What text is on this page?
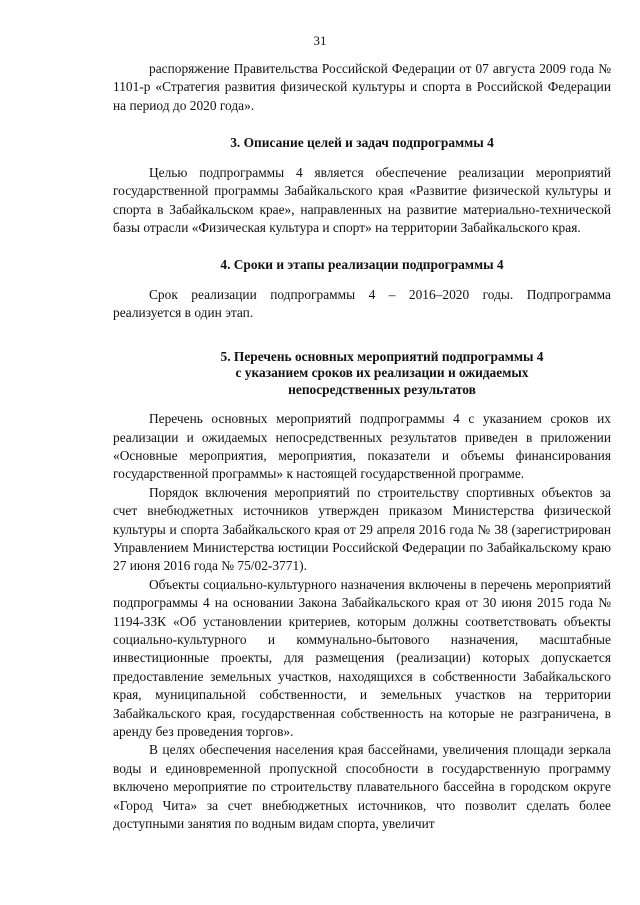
31

распоряжение Правительства Российской Федерации от 07 августа 2009 года № 1101-р «Стратегия развития физической культуры и спорта в Российской Федерации на период до 2020 года».

3. Описание целей и задач подпрограммы 4

Целью подпрограммы 4 является обеспечение реализации мероприятий государственной программы Забайкальского края «Развитие физической культуры и спорта в Забайкальском крае», направленных на развитие материально-технической базы отрасли «Физическая культура и спорт» на территории Забайкальского края.

4. Сроки и этапы реализации подпрограммы 4

Срок реализации подпрограммы 4 – 2016–2020 годы. Подпрограмма реализуется в один этап.

5. Перечень основных мероприятий подпрограммы 4

с указанием сроков их реализации и ожидаемых

непосредственных результатов

Перечень основных мероприятий подпрограммы 4 с указанием сроков их реализации и ожидаемых непосредственных результатов приведен в приложении «Основные мероприятия, мероприятия, показатели и объемы финансирования государственной программы» к настоящей государственной программе.

Порядок включения мероприятий по строительству спортивных объектов за счет внебюджетных источников утвержден приказом Министерства физической культуры и спорта Забайкальского края от 29 апреля 2016 года № 38 (зарегистрирован Управлением Министерства юстиции Российской Федерации по Забайкальскому краю 27 июня 2016 года № 75/02-3771).

Объекты социально-культурного назначения включены в перечень мероприятий подпрограммы 4 на основании Закона Забайкальского края от 30 июня 2015 года № 1194-ЗЗК «Об установлении критериев, которым должны соответствовать объекты социально-культурного и коммунально-бытового назначения, масштабные инвестиционные проекты, для размещения (реализации) которых допускается предоставление земельных участков, находящихся в собственности Забайкальского края, муниципальной собственности, и земельных участков на территории Забайкальского края, государственная собственность на которые не разграничена, в аренду без проведения торгов».

В целях обеспечения населения края бассейнами, увеличения площади зеркала воды и единовременной пропускной способности в государственную программу включено мероприятие по строительству плавательного бассейна в городском округе «Город Чита» за счет внебюджетных источников, что позволит сделать более доступными занятия по водным видам спорта, увеличит
